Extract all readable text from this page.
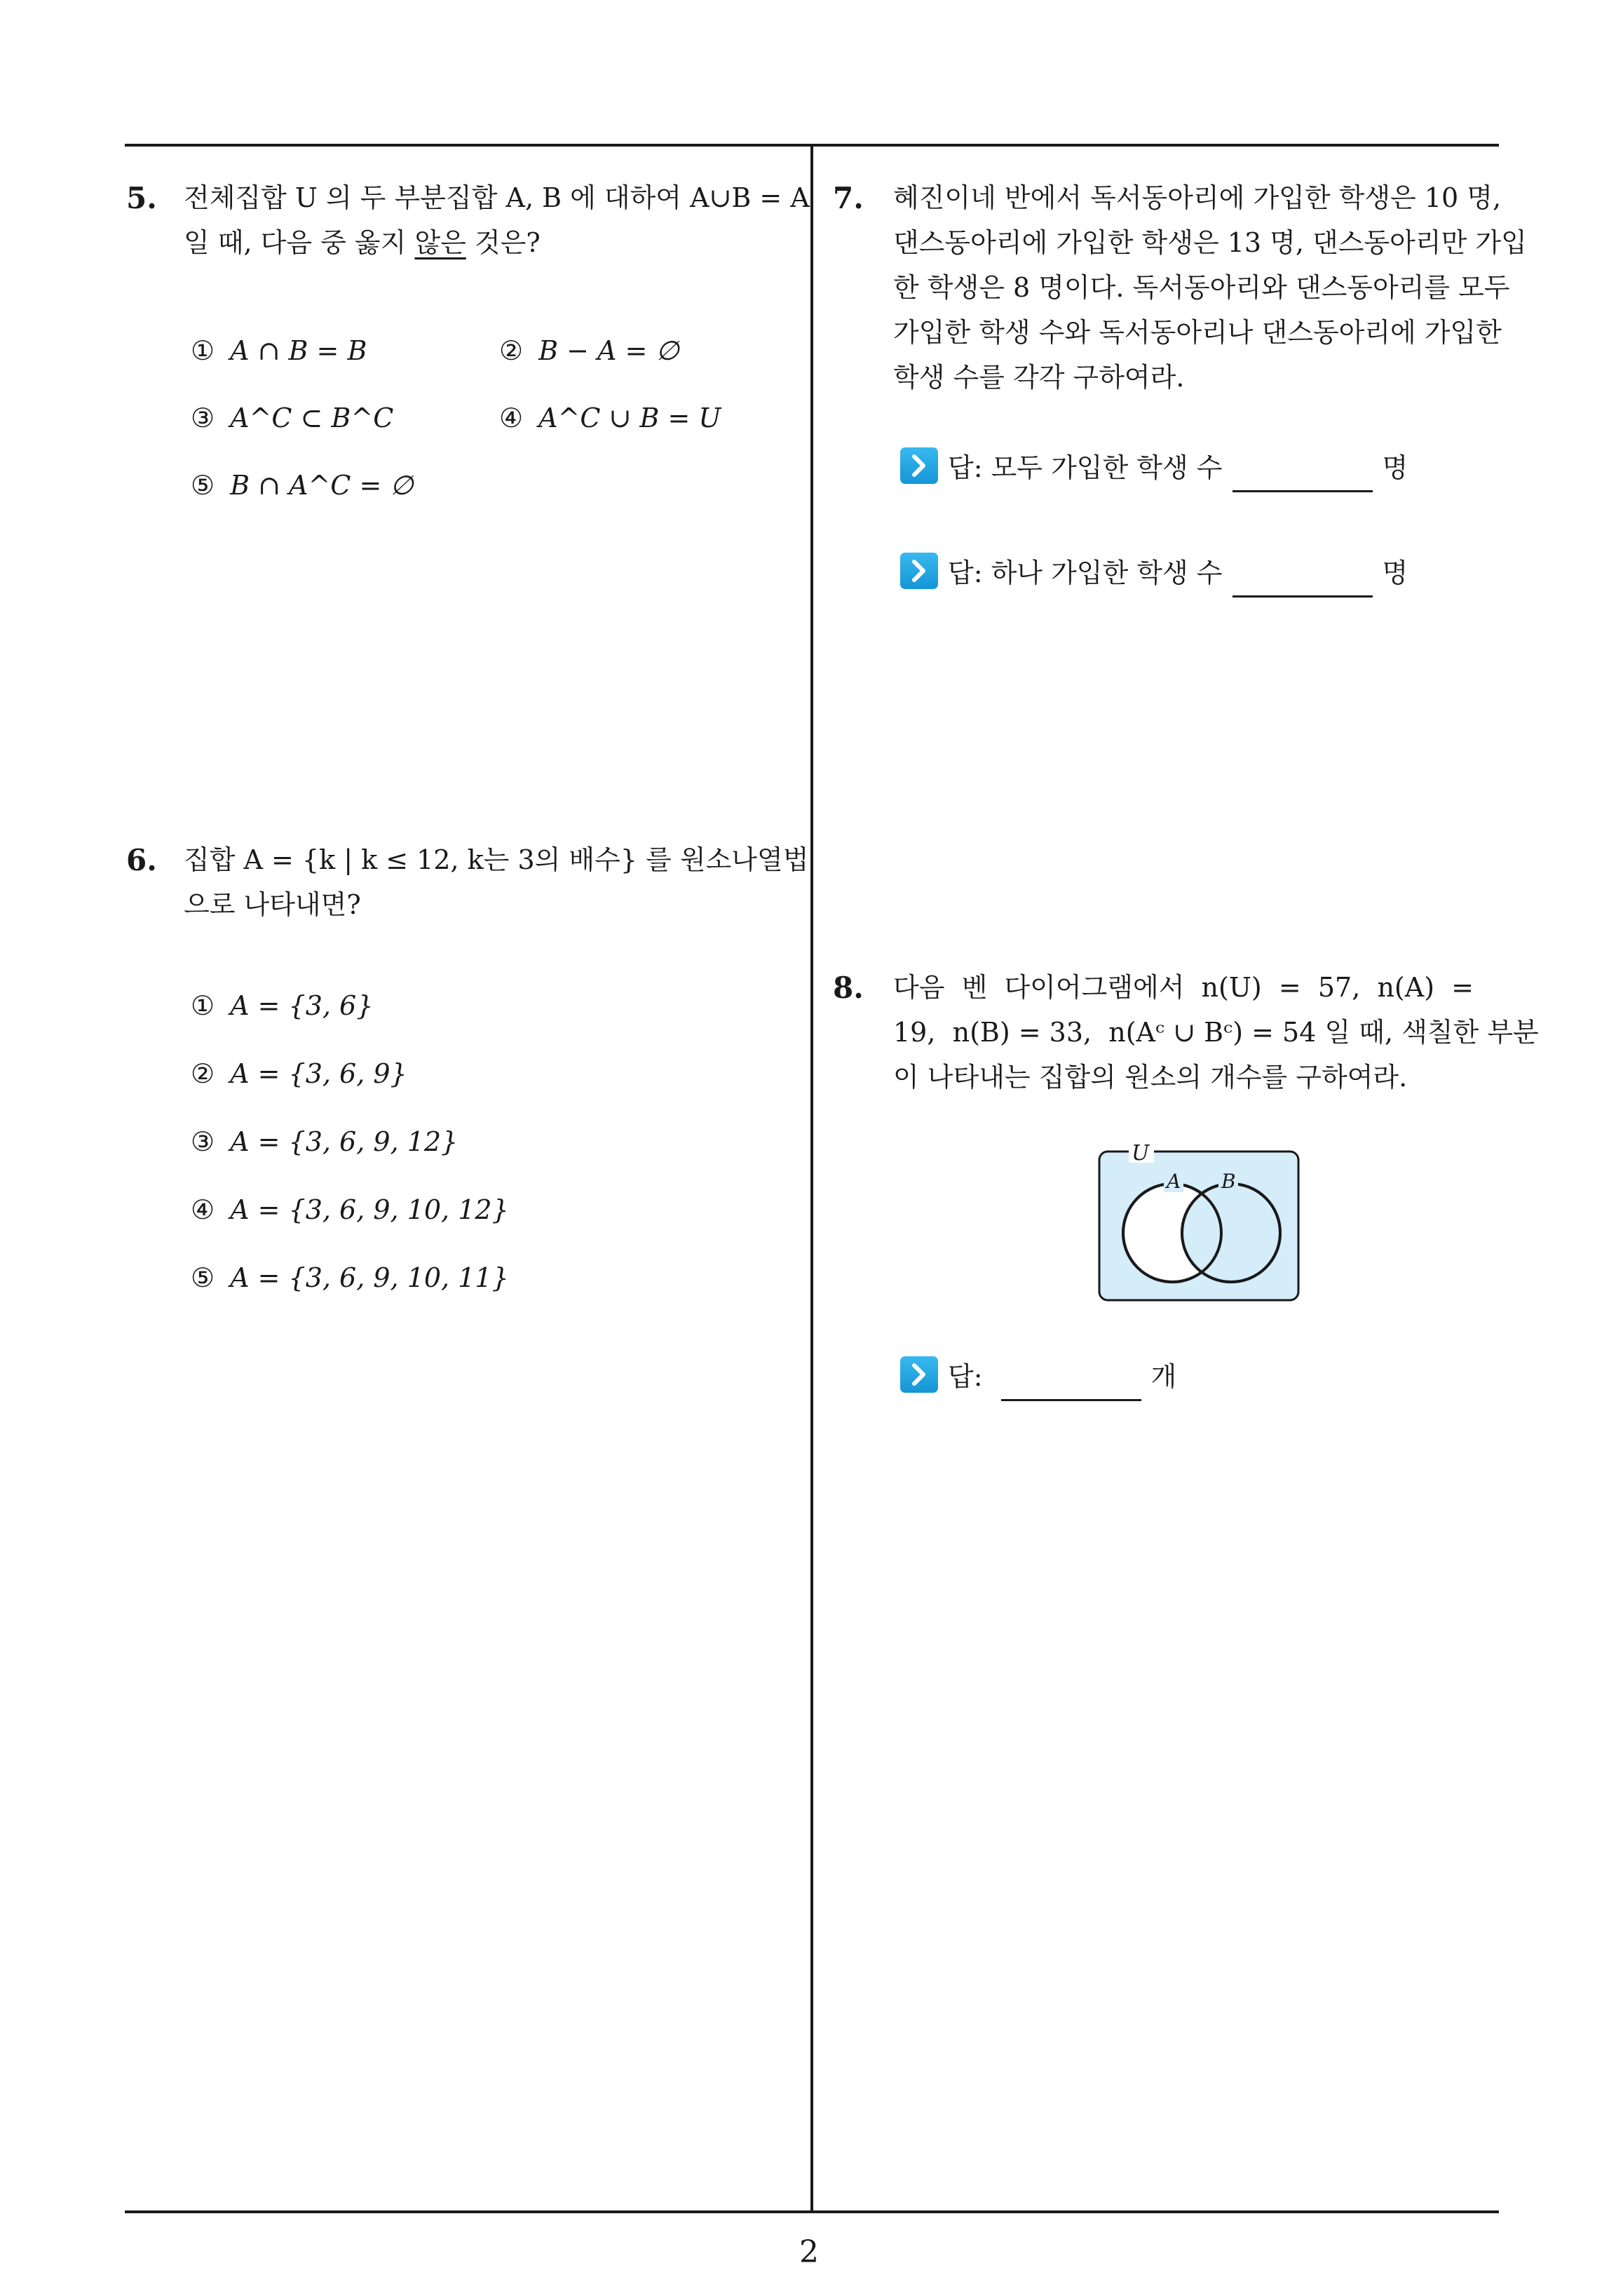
5. 전체집합 U 의 두 부분집합 A, B 에 대하여 A∪B = A
일 때, 다음 중 옳지 않은 것은?
① A ∩ B = B	② B − A = ∅
③ A^C ⊂ B^C	④ A^C ∪ B = U
⑤ B ∩ A^C = ∅
6. 집합 A = {k | k ≤ 12, k는 3의 배수} 를 원소나열법
으로 나타내면?
① A = {3, 6}
② A = {3, 6, 9}
③ A = {3, 6, 9, 12}
④ A = {3, 6, 9, 10, 12}
⑤ A = {3, 6, 9, 10, 11}
7. 혜진이네 반에서 독서동아리에 가입한 학생은 10 명,
댄스동아리에 가입한 학생은 13 명, 댄스동아리만 가입
한 학생은 8 명이다. 독서동아리와 댄스동아리를 모두
가입한 학생 수와 독서동아리나 댄스동아리에 가입한
학생 수를 각각 구하여라.
답: 모두 가입한 학생 수	명
답: 하나 가입한 학생 수	명
8. 다음  벤  다이어그램에서  n(U)  =  57,  n(A)  =
19,  n(B) = 33,  n(Aᶜ ∪ Bᶜ) = 54 일 때, 색칠한 부분
이 나타내는 집합의 원소의 개수를 구하여라.
U
A B
답:	개
2
